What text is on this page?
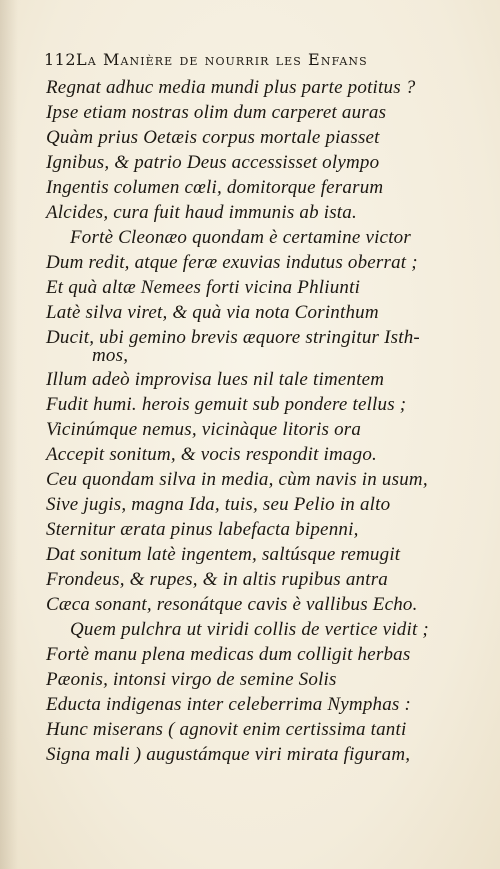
112 La Manière de nourrir les Enfans
Regnat adhuc media mundi plus parte potitus ?
Ipse etiam nostras olim dum carperet auras
Quàm prius Oetæis corpus mortale piasset
Ignibus, & patrio Deus accessisset olympo
Ingentis columen cœli, domitorque ferarum
Alcides, cura fuit haud immunis ab ista.
Fortè Cleonæo quondam è certamine victor
Dum redit, atque feræ exuvias indutus oberrat ;
Et quà altæ Nemees forti vicina Phliunti
Latè silva viret, & quà via nota Corinthum
Ducit, ubi gemino brevis æquore stringitur Isth-
mos,
Illum adeò improvisa lues nil tale timentem
Fudit humi. herois gemuit sub pondere tellus ;
Vicinúmque nemus, vicinàque litoris ora
Accepit sonitum, & vocis respondit imago.
Ceu quondam silva in media, cùm navis in usum,
Sive jugis, magna Ida, tuis, seu Pelio in alto
Sternitur ærata pinus labefacta bipenni,
Dat sonitum latè ingentem, saltúsque remugit
Frondeus, & rupes, & in altis rupibus antra
Cæca sonant, resonátque cavis è vallibus Echo.
Quem pulchra ut viridi collis de vertice vidit ;
Fortè manu plena medicas dum colligit herbas
Pæonis, intonsi virgo de semine Solis
Educta indigenas inter celeberrima Nymphas :
Hunc miserans ( agnovit enim certissima tanti
Signa mali ) augustámque viri mirata figuram,
